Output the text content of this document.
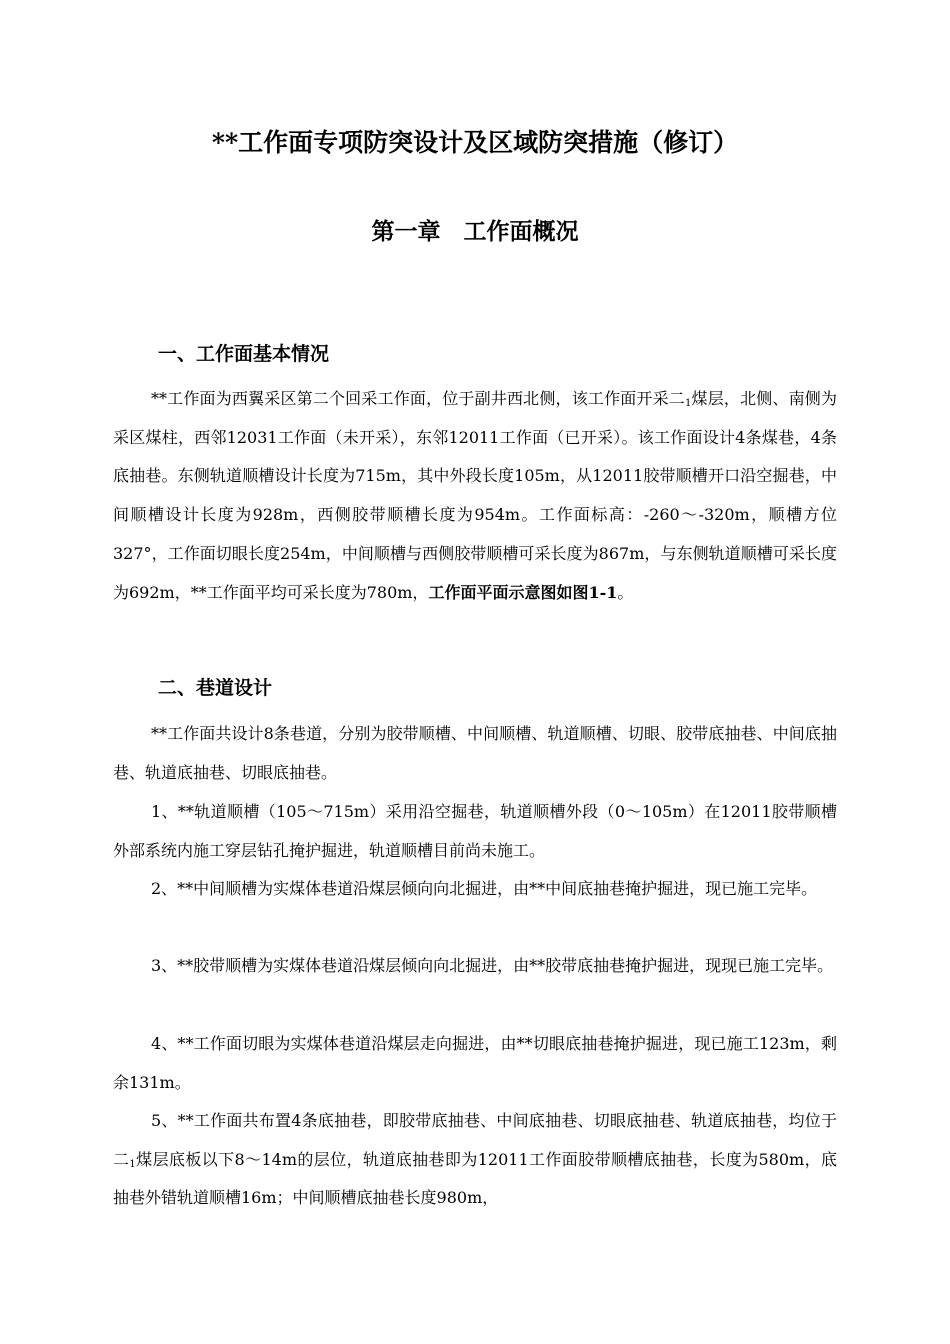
**工作面专项防突设计及区域防突措施（修订）
第一章　工作面概况
一、工作面基本情况

**工作面为西翼采区第二个回采工作面，位于副井西北侧，该工作面开采二$_1$煤层，北侧、南侧为采区煤柱，西邻12031工作面（未开采），东邻12011工作面（已开采）。该工作面设计4条煤巷，4条底抽巷。东侧轨道顺槽设计长度为715m，其中外段长度105m，从12011胶带顺槽开口沿空掘巷，中间顺槽设计长度为928m，西侧胶带顺槽长度为954m。工作面标高：-260～-320m，顺槽方位327°，工作面切眼长度254m，中间顺槽与西侧胶带顺槽可采长度为867m，与东侧轨道顺槽可采长度为692m，**工作面平均可采长度为780m，工作面平面示意图如图1-1。

二、巷道设计

**工作面共设计8条巷道，分别为胶带顺槽、中间顺槽、轨道顺槽、切眼、胶带底抽巷、中间底抽巷、轨道底抽巷、切眼底抽巷。

1、**轨道顺槽（105～715m）采用沿空掘巷，轨道顺槽外段（0～105m）在12011胶带顺槽外部系统内施工穿层钻孔掩护掘进，轨道顺槽目前尚未施工。

2、**中间顺槽为实煤体巷道沿煤层倾向向北掘进，由**中间底抽巷掩护掘进，现已施工完毕。

3、**胶带顺槽为实煤体巷道沿煤层倾向向北掘进，由**胶带底抽巷掩护掘进，现现已施工完毕。

4、**工作面切眼为实煤体巷道沿煤层走向掘进，由**切眼底抽巷掩护掘进，现已施工123m，剩余131m。

5、**工作面共布置4条底抽巷，即胶带底抽巷、中间底抽巷、切眼底抽巷、轨道底抽巷，均位于二$_1$煤层底板以下8～14m的层位，轨道底抽巷即为12011工作面胶带顺槽底抽巷，长度为580m，底抽巷外错轨道顺槽16m；中间顺槽底抽巷长度980m，
